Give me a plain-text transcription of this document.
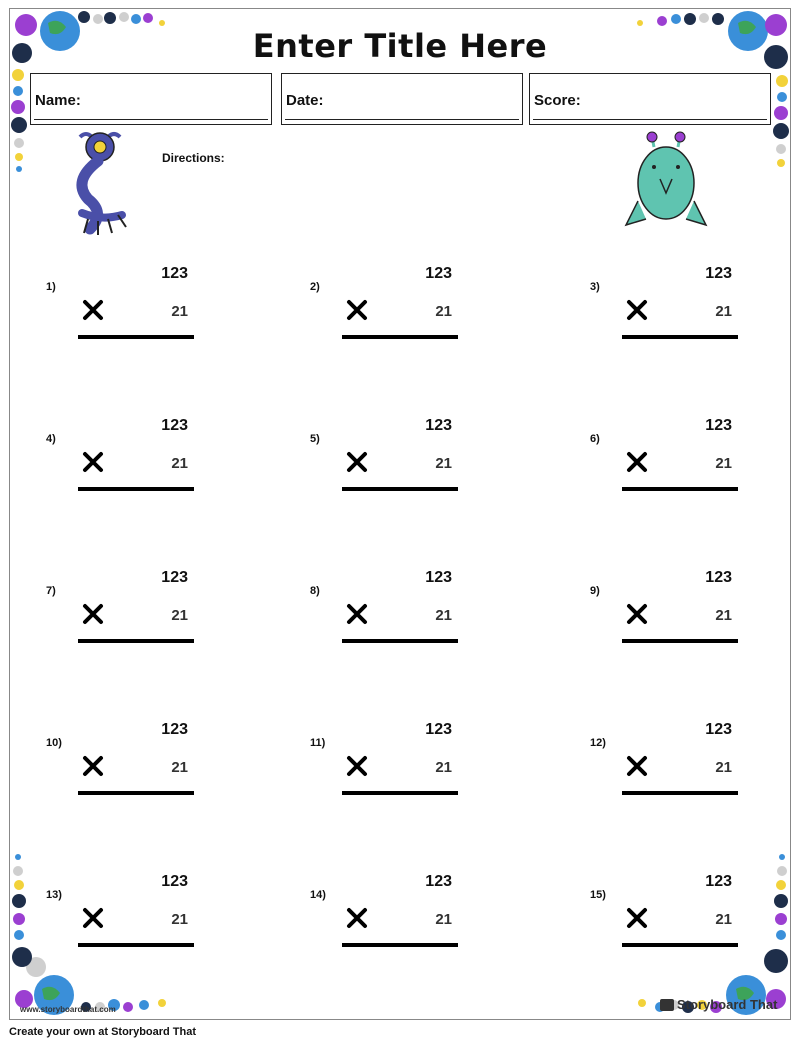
Enter Title Here
Name:	Date:	Score:
Directions:
1)
123
21
2)
123
21
3)
123
21
4)
123
21
5)
123
21
6)
123
21
7)
123
21
8)
123
21
9)
123
21
10)
123
21
11)
123
21
12)
123
21
13)
123
21
14)
123
21
15)
123
21
www.storyboardthat.com	Storyboard That
Create your own at Storyboard That
